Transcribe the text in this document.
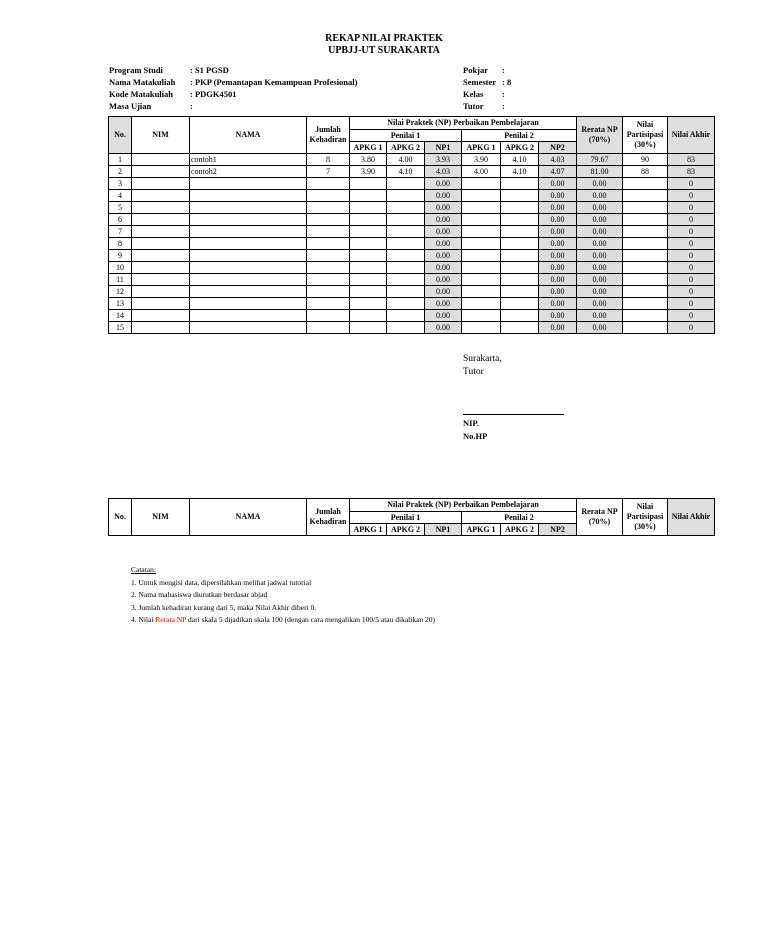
REKAP NILAI PRAKTEK
UPBJJ-UT SURAKARTA
Program Studi	: S1 PGSD
Nama Matakuliah : PKP (Pemantapan Kemampuan Profesional)
Kode Matakuliah : PDGK4501
Masa Ujian	:
Pokjar :
Semester : 8
Kelas :
Tutor :
No.	NIM	NAMA	Jumlah Kehadiran	Nilai Praktek (NP) Perbaikan Pembelajaran						Rerata NP (70%)	Nilai Partisipasi (30%)	Nilai Akhir
				Penilai 1			Penilai 2					
				APKG 1	APKG 2	NP1	APKG 1	APKG 2	NP2			
1		contoh1	8	3.80	4.00	3.93	3.90	4.10	4.03	79.67	90	83
2		contoh2	7	3.90	4.10	4.03	4.00	4.10	4.07	81.00	88	83
3						0.00			0.00	0.00		0
4						0.00			0.00	0.00		0
5						0.00			0.00	0.00		0
6						0.00			0.00	0.00		0
7						0.00			0.00	0.00		0
8						0.00			0.00	0.00		0
9						0.00			0.00	0.00		0
10						0.00			0.00	0.00		0
11						0.00			0.00	0.00		0
12						0.00			0.00	0.00		0
13						0.00			0.00	0.00		0
14						0.00			0.00	0.00		0
15						0.00			0.00	0.00		0
Surakarta,
Tutor
NIP.
No.HP
No.	NIM	NAMA	Jumlah Kehadiran	Nilai Praktek (NP) Perbaikan Pembelajaran						Rerata NP (70%)	Nilai Partisipasi (30%)	Nilai Akhir
				Penilai 1			Penilai 2					
				APKG 1	APKG 2	NP1	APKG 1	APKG 2	NP2			
Catatan:
1. Untuk mengisi data, dipersilahkan melihat jadwal tutorial
2. Nama mahasiswa diurutkan berdasar abjad
3. Jumlah kehadiran kurang dari 5, maka Nilai Akhir diberi 0.
4. Nilai Rerata NP dari skala 5 dijadikan skala 100 (dengan cara mengalikan 100/5 atau dikalikan 20)
